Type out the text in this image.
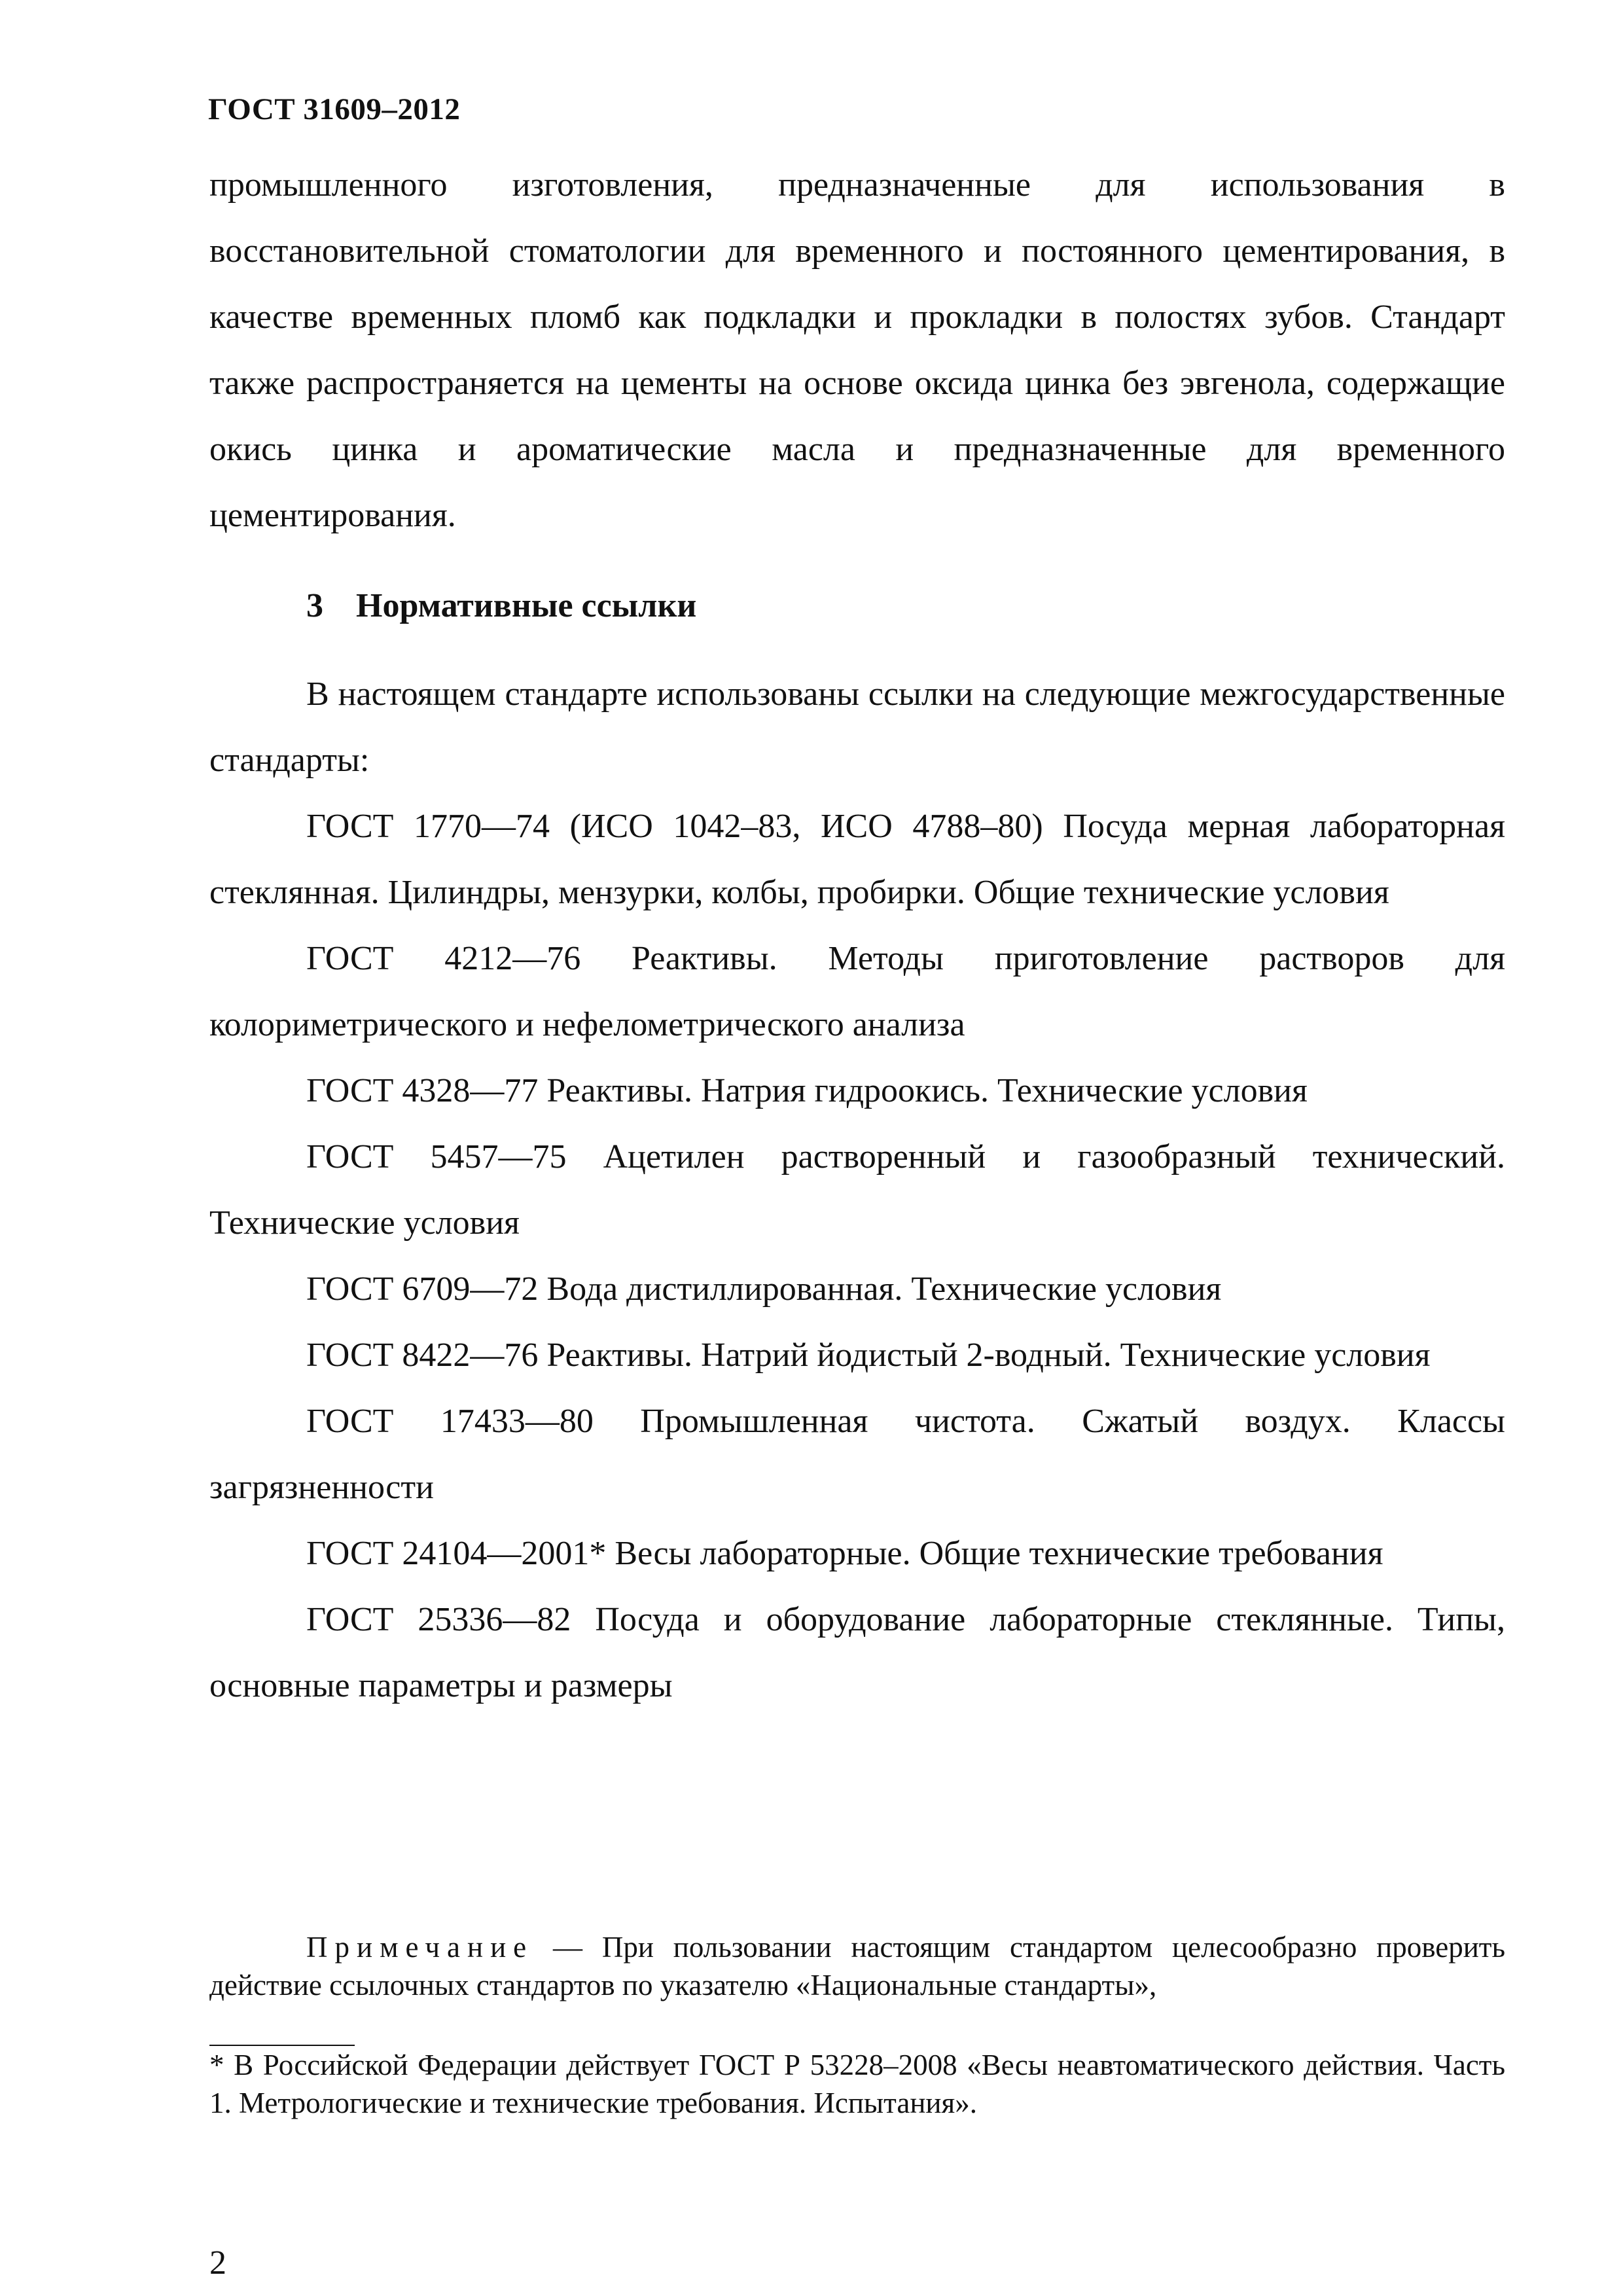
ГОСТ 31609–2012

промышленного изготовления, предназначенные для использования в восстановительной стоматологии для временного и постоянного цементирования, в качестве временных пломб как подкладки и прокладки в полостях зубов. Стандарт также распространяется на цементы на основе оксида цинка без эвгенола, содержащие окись цинка и ароматические масла и предназначенные для временного цементирования.

3 Нормативные ссылки

В настоящем стандарте использованы ссылки на следующие межгосударственные стандарты:

ГОСТ 1770—74 (ИСО 1042–83, ИСО 4788–80) Посуда мерная лабораторная стеклянная. Цилиндры, мензурки, колбы, пробирки. Общие технические условия

ГОСТ 4212—76 Реактивы. Методы приготовление растворов для колориметрического и нефелометрического анализа

ГОСТ 4328—77 Реактивы. Натрия гидроокись. Технические условия

ГОСТ 5457—75 Ацетилен растворенный и газообразный технический. Технические условия

ГОСТ 6709—72 Вода дистиллированная. Технические условия

ГОСТ 8422—76 Реактивы. Натрий йодистый 2-водный. Технические условия

ГОСТ 17433—80 Промышленная чистота. Сжатый воздух. Классы загрязненности

ГОСТ 24104—2001* Весы лабораторные. Общие технические требования

ГОСТ 25336—82 Посуда и оборудование лабораторные стеклянные. Типы, основные параметры и размеры

Примечание — При пользовании настоящим стандартом целесообразно проверить действие ссылочных стандартов по указателю «Национальные стандарты»,
* В Российской Федерации действует ГОСТ Р 53228–2008 «Весы неавтоматического действия. Часть 1. Метрологические и технические требования. Испытания».
2
